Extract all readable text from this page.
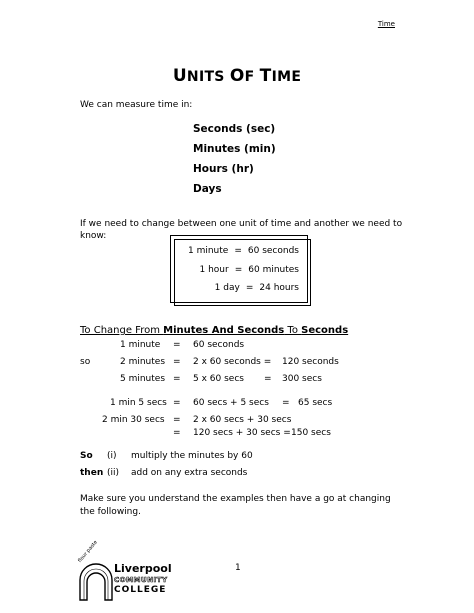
Time
UNITS OF TIME
We can measure time in:
Seconds (sec)
Minutes (min)
Hours (hr)
Days
If we need to change between one unit of time and another we need to
know:
1 minute = 60 seconds
1 hour = 60 minutes
1 day = 24 hours
To Change From Minutes And Seconds To Seconds
1 minute = 60 seconds
so	2 minutes = 2 x 60 seconds = 120 seconds
5 minutes = 5 x 60 secs = 300 secs
1 min 5 secs = 60 secs + 5 secs = 65 secs
2 min 30 secs = 2 x 60 secs + 30 secs
= 120 secs + 30 secs = 150 secs
So (i) multiply the minutes by 60
then (ii) add on any extra seconds
Make sure you understand the examples then have a go at changing
the following.
1
flour paste
Liverpool
COMMUNITY
COLLEGE
